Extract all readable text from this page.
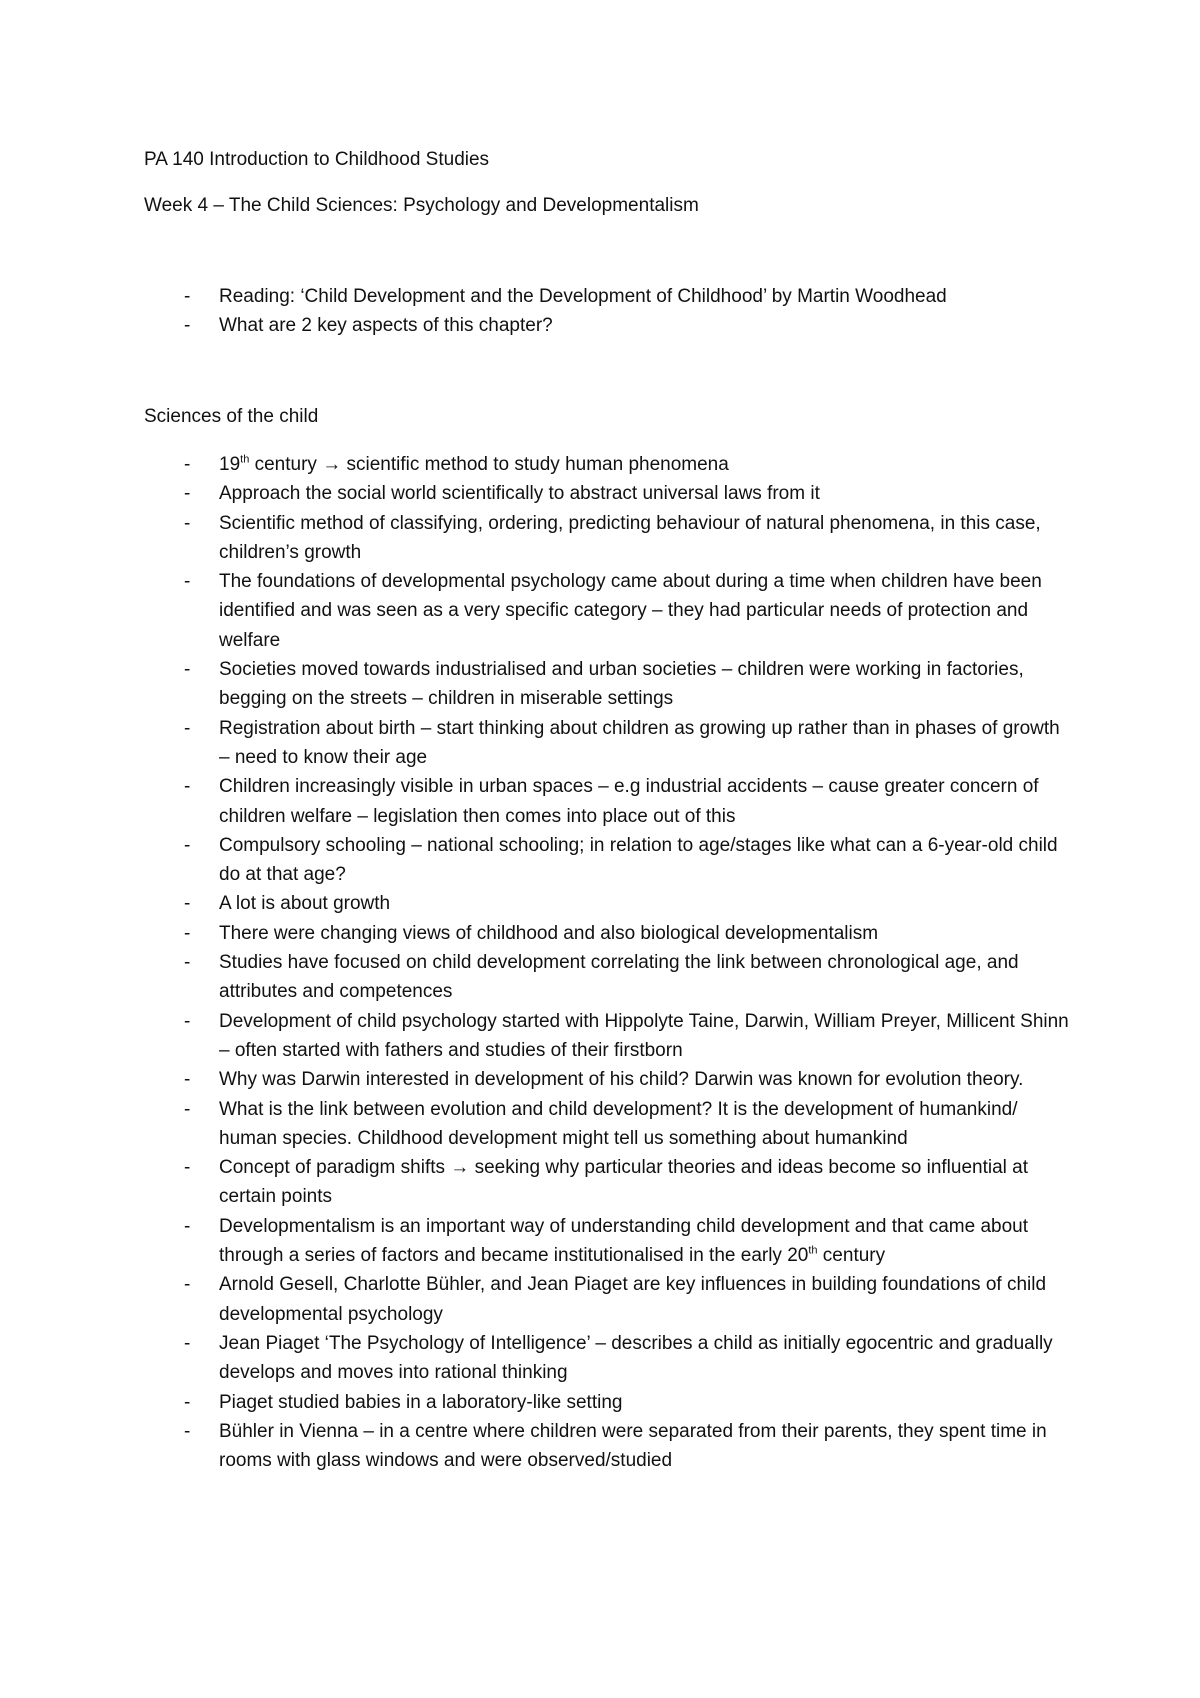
PA 140 Introduction to Childhood Studies
Week 4 – The Child Sciences: Psychology and Developmentalism
- Reading: ‘Child Development and the Development of Childhood’ by Martin Woodhead
- What are 2 key aspects of this chapter?
Sciences of the child
- 19th century → scientific method to study human phenomena
- Approach the social world scientifically to abstract universal laws from it
- Scientific method of classifying, ordering, predicting behaviour of natural phenomena, in this case, children’s growth
- The foundations of developmental psychology came about during a time when children have been identified and was seen as a very specific category – they had particular needs of protection and welfare
- Societies moved towards industrialised and urban societies – children were working in factories, begging on the streets – children in miserable settings
- Registration about birth – start thinking about children as growing up rather than in phases of growth – need to know their age
- Children increasingly visible in urban spaces – e.g industrial accidents – cause greater concern of children welfare – legislation then comes into place out of this
- Compulsory schooling – national schooling; in relation to age/stages like what can a 6-year-old child do at that age?
- A lot is about growth
- There were changing views of childhood and also biological developmentalism
- Studies have focused on child development correlating the link between chronological age, and attributes and competences
- Development of child psychology started with Hippolyte Taine, Darwin, William Preyer, Millicent Shinn – often started with fathers and studies of their firstborn
- Why was Darwin interested in development of his child? Darwin was known for evolution theory.
- What is the link between evolution and child development? It is the development of humankind/ human species. Childhood development might tell us something about humankind
- Concept of paradigm shifts → seeking why particular theories and ideas become so influential at certain points
- Developmentalism is an important way of understanding child development and that came about through a series of factors and became institutionalised in the early 20th century
- Arnold Gesell, Charlotte Bühler, and Jean Piaget are key influences in building foundations of child developmental psychology
- Jean Piaget ‘The Psychology of Intelligence’ – describes a child as initially egocentric and gradually develops and moves into rational thinking
- Piaget studied babies in a laboratory-like setting
- Bühler in Vienna – in a centre where children were separated from their parents, they spent time in rooms with glass windows and were observed/studied
